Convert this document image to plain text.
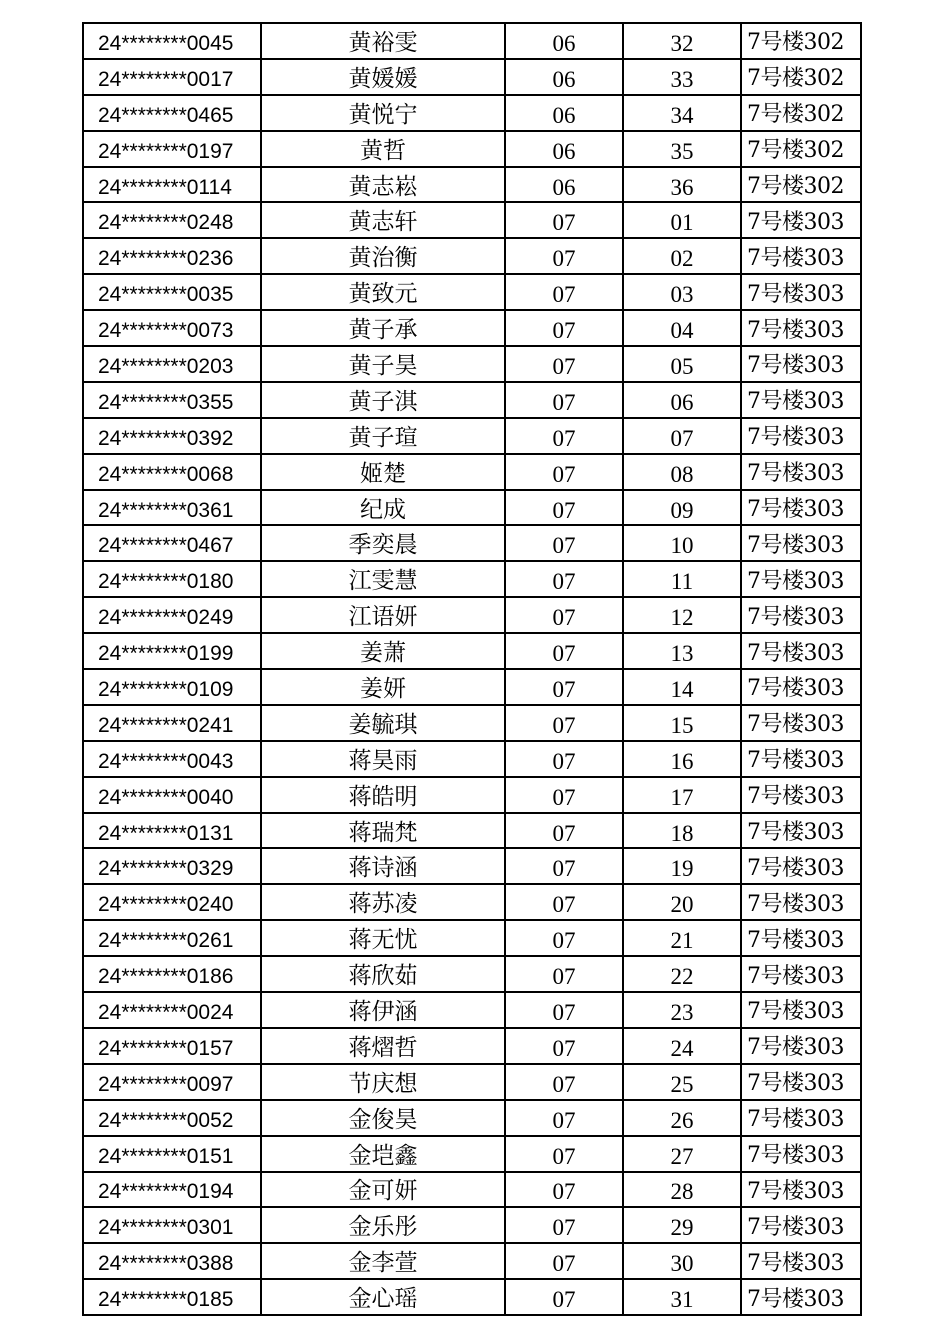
24********0045	黄裕雯	06	32	7号楼302
24********0017	黄媛媛	06	33	7号楼302
24********0465	黄悦宁	06	34	7号楼302
24********0197	黄哲	06	35	7号楼302
24********0114	黄志崧	06	36	7号楼302
24********0248	黄志轩	07	01	7号楼303
24********0236	黄治衡	07	02	7号楼303
24********0035	黄致元	07	03	7号楼303
24********0073	黄子承	07	04	7号楼303
24********0203	黄子昊	07	05	7号楼303
24********0355	黄子淇	07	06	7号楼303
24********0392	黄子瑄	07	07	7号楼303
24********0068	姬楚	07	08	7号楼303
24********0361	纪成	07	09	7号楼303
24********0467	季奕晨	07	10	7号楼303
24********0180	江雯慧	07	11	7号楼303
24********0249	江语妍	07	12	7号楼303
24********0199	姜萧	07	13	7号楼303
24********0109	姜妍	07	14	7号楼303
24********0241	姜毓琪	07	15	7号楼303
24********0043	蒋昊雨	07	16	7号楼303
24********0040	蒋皓明	07	17	7号楼303
24********0131	蒋瑞梵	07	18	7号楼303
24********0329	蒋诗涵	07	19	7号楼303
24********0240	蒋苏凌	07	20	7号楼303
24********0261	蒋无忧	07	21	7号楼303
24********0186	蒋欣茹	07	22	7号楼303
24********0024	蒋伊涵	07	23	7号楼303
24********0157	蒋熠哲	07	24	7号楼303
24********0097	节庆想	07	25	7号楼303
24********0052	金俊昊	07	26	7号楼303
24********0151	金垲鑫	07	27	7号楼303
24********0194	金可妍	07	28	7号楼303
24********0301	金乐彤	07	29	7号楼303
24********0388	金李萱	07	30	7号楼303
24********0185	金心瑶	07	31	7号楼303
